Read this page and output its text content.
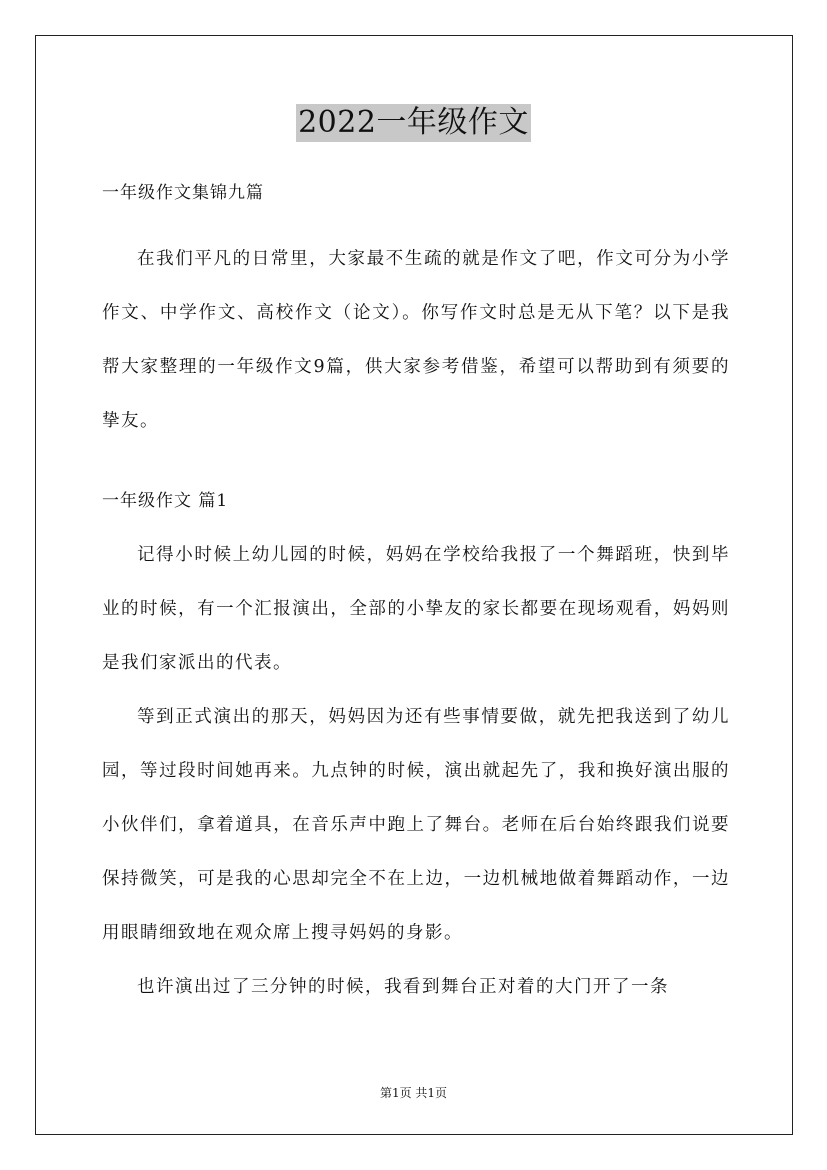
2022一年级作文

一年级作文集锦九篇

在我们平凡的日常里，大家最不生疏的就是作文了吧，作文可分为小学作文、中学作文、高校作文（论文）。你写作文时总是无从下笔？以下是我帮大家整理的一年级作文9篇，供大家参考借鉴，希望可以帮助到有须要的挚友。

一年级作文 篇1

记得小时候上幼儿园的时候，妈妈在学校给我报了一个舞蹈班，快到毕业的时候，有一个汇报演出，全部的小挚友的家长都要在现场观看，妈妈则是我们家派出的代表。

等到正式演出的那天，妈妈因为还有些事情要做，就先把我送到了幼儿园，等过段时间她再来。九点钟的时候，演出就起先了，我和换好演出服的小伙伴们，拿着道具，在音乐声中跑上了舞台。老师在后台始终跟我们说要保持微笑，可是我的心思却完全不在上边，一边机械地做着舞蹈动作，一边用眼睛细致地在观众席上搜寻妈妈的身影。

也许演出过了三分钟的时候，我看到舞台正对着的大门开了一条

第1页 共1页
